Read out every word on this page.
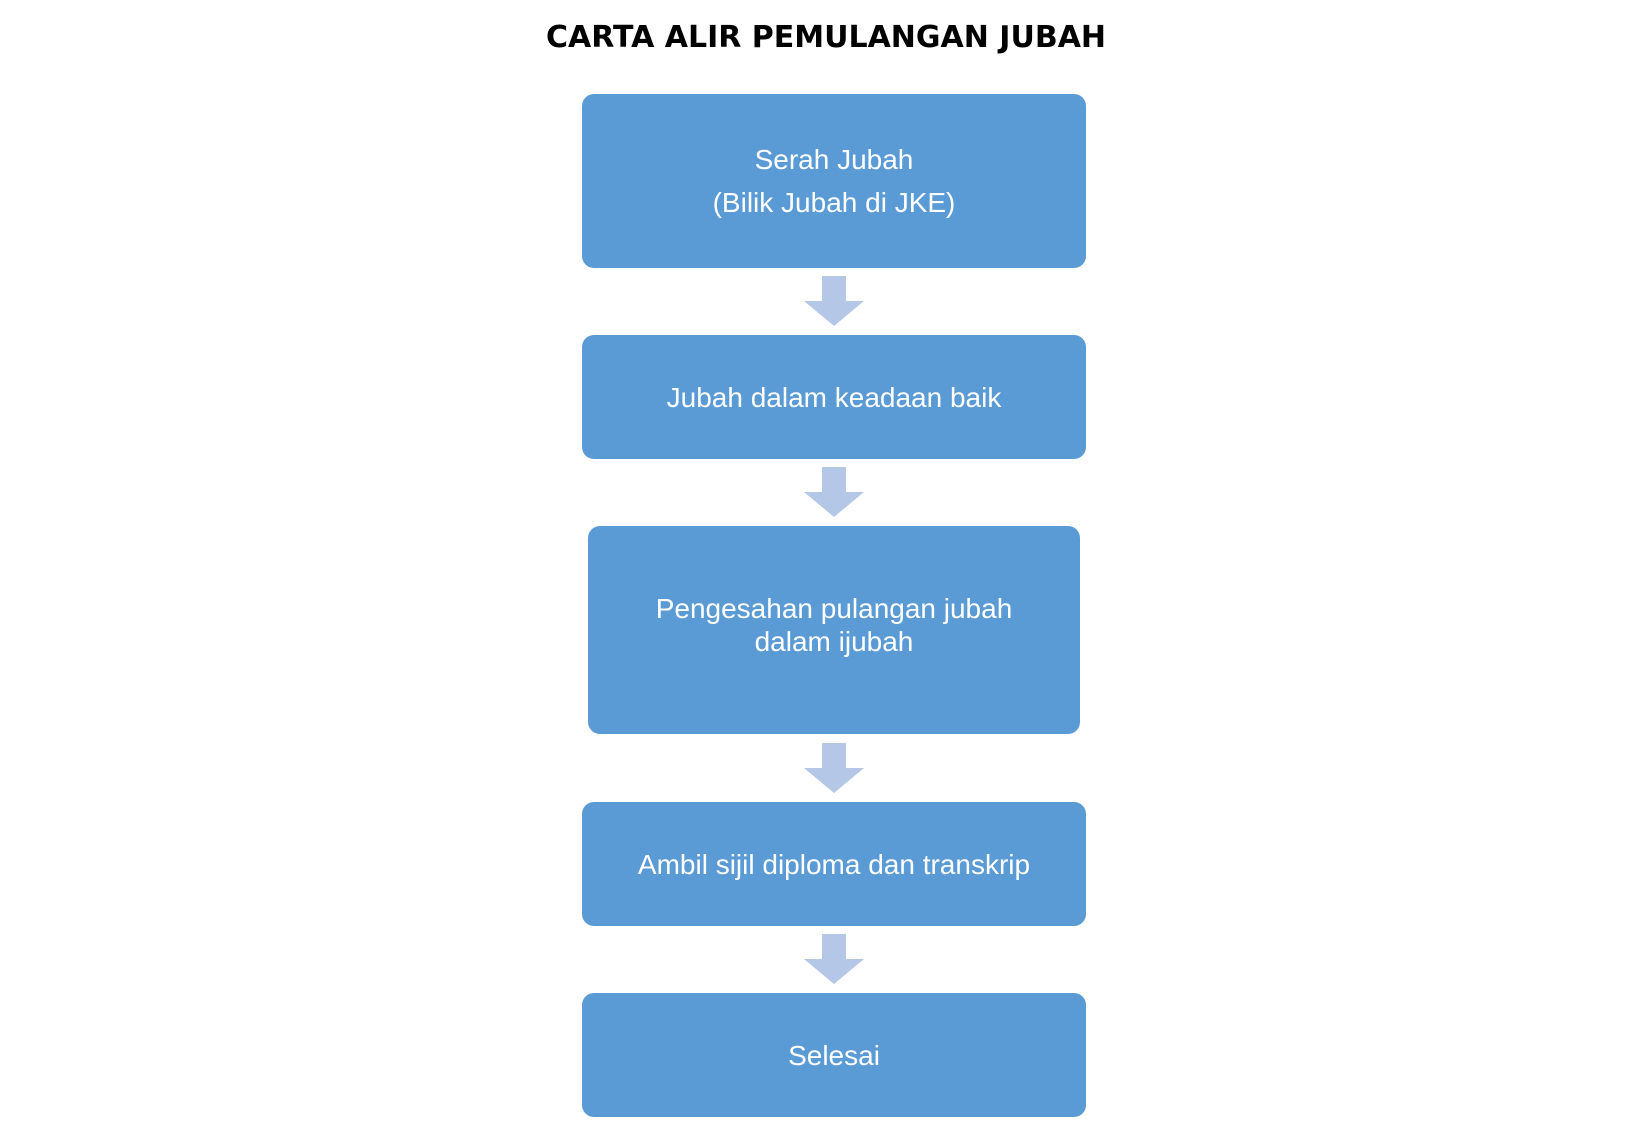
CARTA ALIR PEMULANGAN JUBAH
Serah Jubah
(Bilik Jubah di JKE)
Jubah dalam keadaan baik
Pengesahan pulangan jubah
dalam ijubah
Ambil sijil diploma dan transkrip
Selesai
